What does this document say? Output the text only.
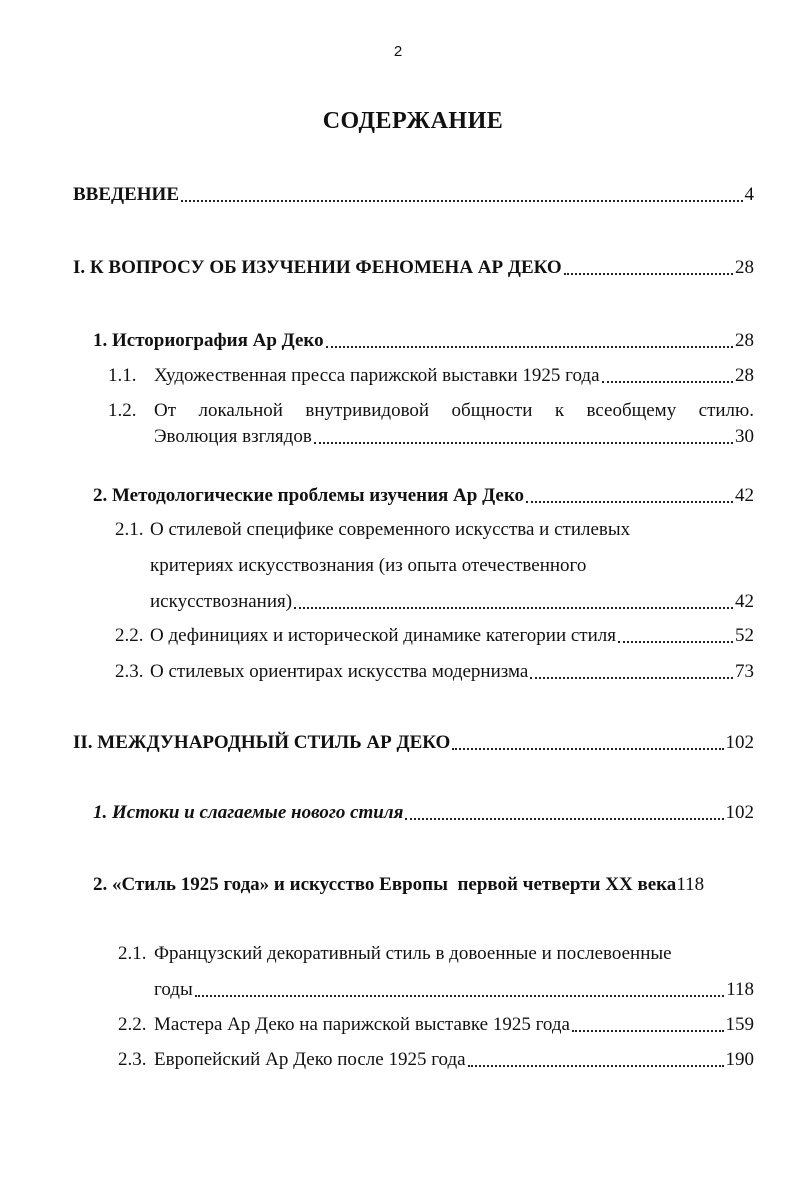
2
СОДЕРЖАНИЕ
ВВЕДЕНИЕ	4
I. К ВОПРОСУ ОБ ИЗУЧЕНИИ ФЕНОМЕНА АР ДЕКО	28
1. Историография Ар Деко	28
1.1. Художественная пресса парижской выставки 1925 года	28
1.2. От локальной внутривидовой общности к всеобщему стилю.
Эволюция взглядов	30
2. Методологические проблемы изучения Ар Деко	42
2.1. О стилевой специфике современного искусства и стилевых
критериях искусствознания (из опыта отечественного
искусствознания)	42
2.2. О дефинициях и исторической динамике категории стиля	52
2.3. О стилевых ориентирах искусства модернизма	73
II. МЕЖДУНАРОДНЫЙ СТИЛЬ АР ДЕКО	102
1. Истоки и слагаемые нового стиля	102
2. «Стиль 1925 года» и искусство Европы  первой четверти XX века 118
2.1. Французский декоративный стиль в довоенные и послевоенные
годы	118
2.2. Мастера Ар Деко на парижской выставке 1925 года	159
2.3. Европейский Ар Деко после 1925 года	190
